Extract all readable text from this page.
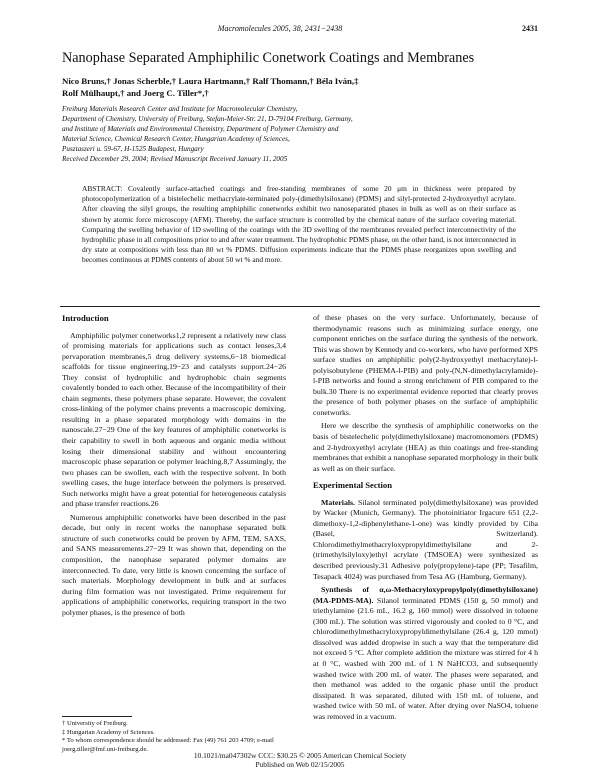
Macromolecules 2005, 38, 2431−2438	2431
Nanophase Separated Amphiphilic Conetwork Coatings and Membranes
Nico Bruns,† Jonas Scherble,† Laura Hartmann,† Ralf Thomann,† Béla Iván,‡
Rolf Mülhaupt,† and Joerg C. Tiller*,†
Freiburg Materials Research Center and Institute for Macromolecular Chemistry,
Department of Chemistry, University of Freiburg, Stefan-Meier-Str. 21, D-79104 Freiburg, Germany,
and Institute of Materials and Environmental Chemistry, Department of Polymer Chemistry and
Material Science, Chemical Research Center, Hungarian Academy of Sciences,
Pusztaszeri u. 59-67, H-1525 Budapest, Hungary
Received December 29, 2004; Revised Manuscript Received January 11, 2005
ABSTRACT: Covalently surface-attached coatings and free-standing membranes of some 20 μm in thickness were prepared by photocopolymerization of a bistelechelic methacrylate-terminated poly-(dimethylsiloxane) (PDMS) and silyl-protected 2-hydroxyethyl acrylate. After cleaving the silyl groups, the resulting amphiphilic conetworks exhibit two nanoseparated phases in bulk as well as on their surface as shown by atomic force microscopy (AFM). Thereby, the surface structure is controlled by the chemical nature of the surface covering material. Comparing the swelling behavior of 1D swelling of the coatings with the 3D swelling of the membranes revealed perfect interconnectivity of the hydrophilic phase in all compositions prior to and after water treatment. The hydrophobic PDMS phase, on the other hand, is not interconnected in dry state at compositions with less than 80 wt % PDMS. Diffusion experiments indicate that the PDMS phase reorganizes upon swelling and becomes continuous at PDMS contents of about 50 wt % and more.
Introduction

Amphiphilic polymer conetworks1,2 represent a relatively new class of promising materials for applications such as contact lenses,3,4 pervaporation membranes,5 drug delivery systems,6−18 biomedical scaffolds for tissue engineering,19−23 and catalysts support.24−26 They consist of hydrophilic and hydrophobic chain segments covalently bonded to each other. Because of the incompatibility of their chain segments, these polymers phase separate. However, the covalent cross-linking of the polymer chains prevents a macroscopic demixing, resulting in a phase separated morphology with domains in the nanoscale.27−29 One of the key features of amphiphilic conetworks is their capability to swell in both aqueous and organic media without losing their dimensional stability and without encountering macroscopic phase separation or polymer leaching.8,7 Assumingly, the two phases can be swollen, each with the respective solvent. In both swelling cases, the huge interface between the polymers is preserved. Such networks might have a great potential for heterogeneous catalysis and phase transfer reactions.26

Numerous amphiphilic conetworks have been described in the past decade, but only in recent works the nanophase separated bulk structure of such conetworks could be proven by AFM, TEM, SAXS, and SANS measurements.27−29 It was shown that, depending on the composition, the nanophase separated polymer domains are interconnected. To date, very little is known concerning the surface of such materials. Morphology development in bulk and at surfaces during film formation was not investigated. Prime requirement for applications of amphiphilic conetworks, requiring transport in the two polymer phases, is the presence of both

of these phases on the very surface. Unfortunately, because of thermodynamic reasons such as minimizing surface energy, one component enriches on the surface during the synthesis of the network. This was shown by Kennedy and co-workers, who have performed XPS surface studies on amphiphilic poly(2-hydroxyethyl methacrylate)-l-polyisobutylene (PHEMA-l-PIB) and poly-(N,N-dimethylacrylamide)-l-PIB networks and found a strong enrichment of PIB compared to the bulk.30 There is no experimental evidence reported that clearly proves the presence of both polymer phases on the surface of amphiphilic conetworks.

Here we describe the synthesis of amphiphilic conetworks on the basis of bistelechelic poly(dimethylsiloxane) macromonomers (PDMS) and 2-hydroxyethyl acrylate (HEA) as thin coatings and free-standing membranes that exhibit a nanophase separated morphology in their bulk as well as on their surface.

Experimental Section

Materials. Silanol terminated poly(dimethylsiloxane) was provided by Wacker (Munich, Germany). The photoinitiator Irgacure 651 (2,2-dimethoxy-1,2-diphenylethane-1-one) was kindly provided by Ciba (Basel, Switzerland). Chlorodimethylmethacryloxypropyldimethylsilane and 2-(trimethylsilyloxy)ethyl acrylate (TMSOEA) were synthesized as described previously.31 Adhesive poly(propylene)-tape (PP; Tesafilm, Tesapack 4024) was purchased from Tesa AG (Hamburg, Germany).

Synthesis of α,ω-Methacryloxypropylpoly(dimethylsiloxane) (MA-PDMS-MA). Silanol terminated PDMS (150 g, 50 mmol) and triethylamine (21.6 mL, 16.2 g, 160 mmol) were dissolved in toluene (300 mL). The solution was stirred vigorously and cooled to 0 °C, and chlorodimethylmethacryloxypropyldimethylsilane (26.4 g, 120 mmol) dissolved was added dropwise in such a way that the temperature did not exceed 5 °C. After complete addition the mixture was stirred for 4 h at 0 °C, washed with 200 mL of 1 N NaHCO3, and subsequently washed twice with 200 mL of water. The phases were separated, and then methanol was added to the organic phase until the product dissipated. It was separated, diluted with 150 mL of toluene, and washed twice with 50 mL of water. After drying over NaSO4, toluene was removed in a vacuum.

† University of Freiburg.
‡ Hungarian Academy of Sciences.
* To whom correspondence should be addressed: Fax (49) 761 203 4709; e-mail joerg.tiller@fmf.uni-freiburg.de.
10.1021/ma047302w CCC: $30.25 © 2005 American Chemical Society
Published on Web 02/15/2005
